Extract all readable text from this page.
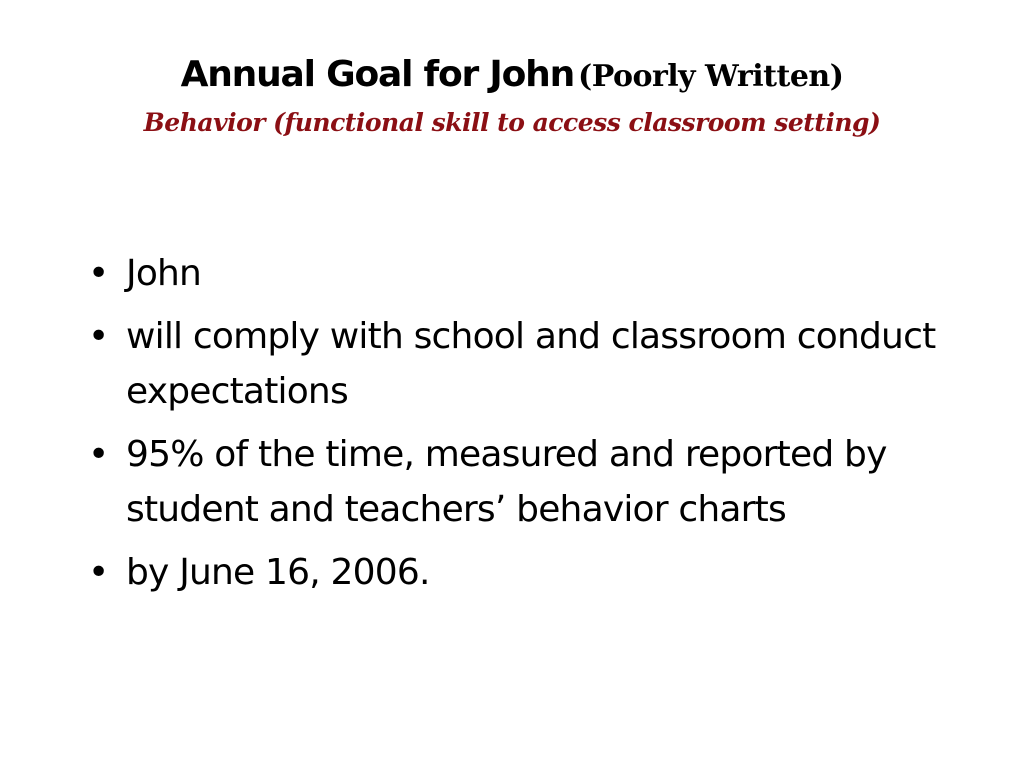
Annual Goal for John (Poorly Written)

Behavior (functional skill to access classroom setting)

• John
• will comply with school and classroom conduct expectations
• 95% of the time, measured and reported by student and teachers’ behavior charts
• by June 16, 2006.
